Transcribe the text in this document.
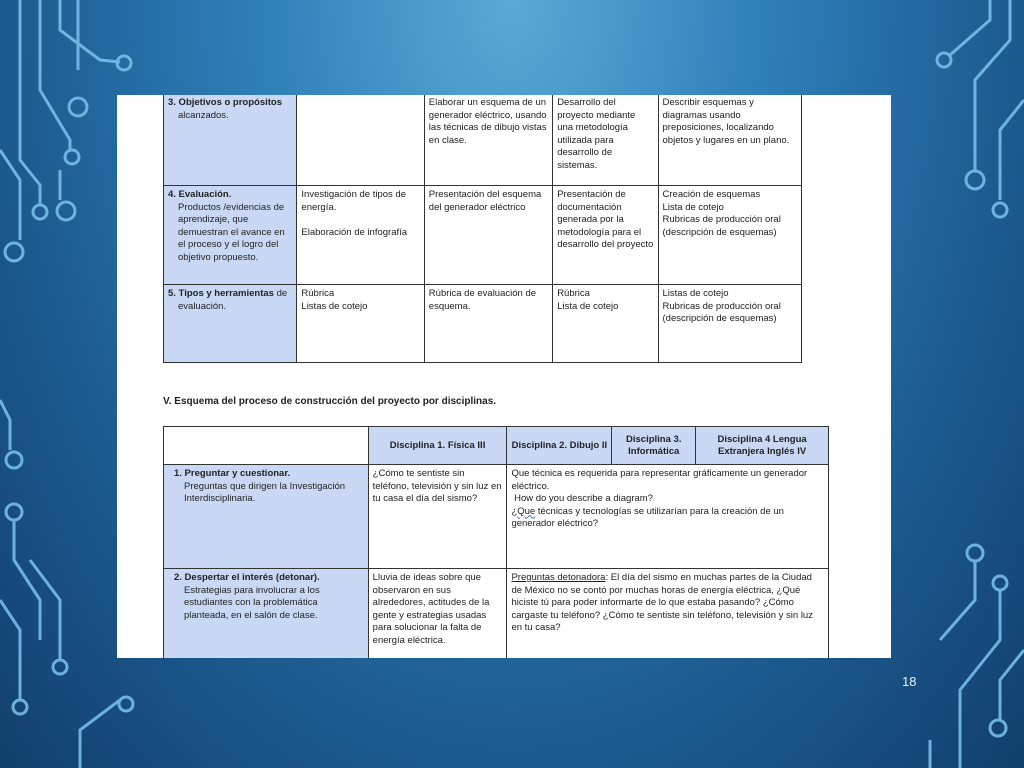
3. Objetivos o propósitos
alcanzados.		Elaborar un esquema de un generador eléctrico, usando las técnicas de dibujo vistas en clase.	Desarrollo del proyecto mediante una metodología utilizada para desarrollo de sistemas.	Describir esquemas y diagramas usando preposiciones, localizando objetos y lugares en un plano.
4. Evaluación.
Productos /evidencias de aprendizaje, que demuestran el avance en el proceso y el logro del objetivo propuesto.	Investigación de tipos de energía.

Elaboración de infografía	Presentación del esquema del generador eléctrico	Presentación de documentación generada por la metodología para el desarrollo del proyecto	Creación de esquemas
Lista de cotejo
Rubricas de producción oral (descripción de esquemas)
5. Tipos y herramientas de
evaluación.	Rúbrica
Listas de cotejo	Rúbrica de evaluación de esquema.	Rúbrica
Lista de cotejo	Listas de cotejo
Rubricas de producción oral (descripción de esquemas)
V. Esquema del proceso de construcción del proyecto por disciplinas.
	Disciplina 1. Física III	Disciplina 2. Dibujo II	Disciplina 3. Informática	Disciplina 4 Lengua Extranjera Inglés IV
1. Preguntar y cuestionar.
Preguntas que dirigen la Investigación Interdisciplinaria.	¿Cómo te sentiste sin teléfono, televisión y sin luz en tu casa el día del sismo?	Que técnica es requerida para representar gráficamente un generador eléctrico.
How do you describe a diagram?
¿Que técnicas y tecnologías se utilizarían para la creación de un generador eléctrico?		
2. Despertar el interés (detonar).
Estrategias para involucrar a los estudiantes con la problemática planteada, en el salón de clase.	Lluvia de ideas sobre que observaron en sus alrededores, actitudes de la gente y estrategias usadas para solucionar la falta de energía eléctrica.	Preguntas detonadora: El día del sismo en muchas partes de la Ciudad de México no se contó por muchas horas de energía eléctrica, ¿Qué hiciste tú para poder informarte de lo que estaba pasando? ¿Cómo cargaste tu teléfono? ¿Cómo te sentiste sin teléfono, televisión y sin luz en tu casa?		
18
